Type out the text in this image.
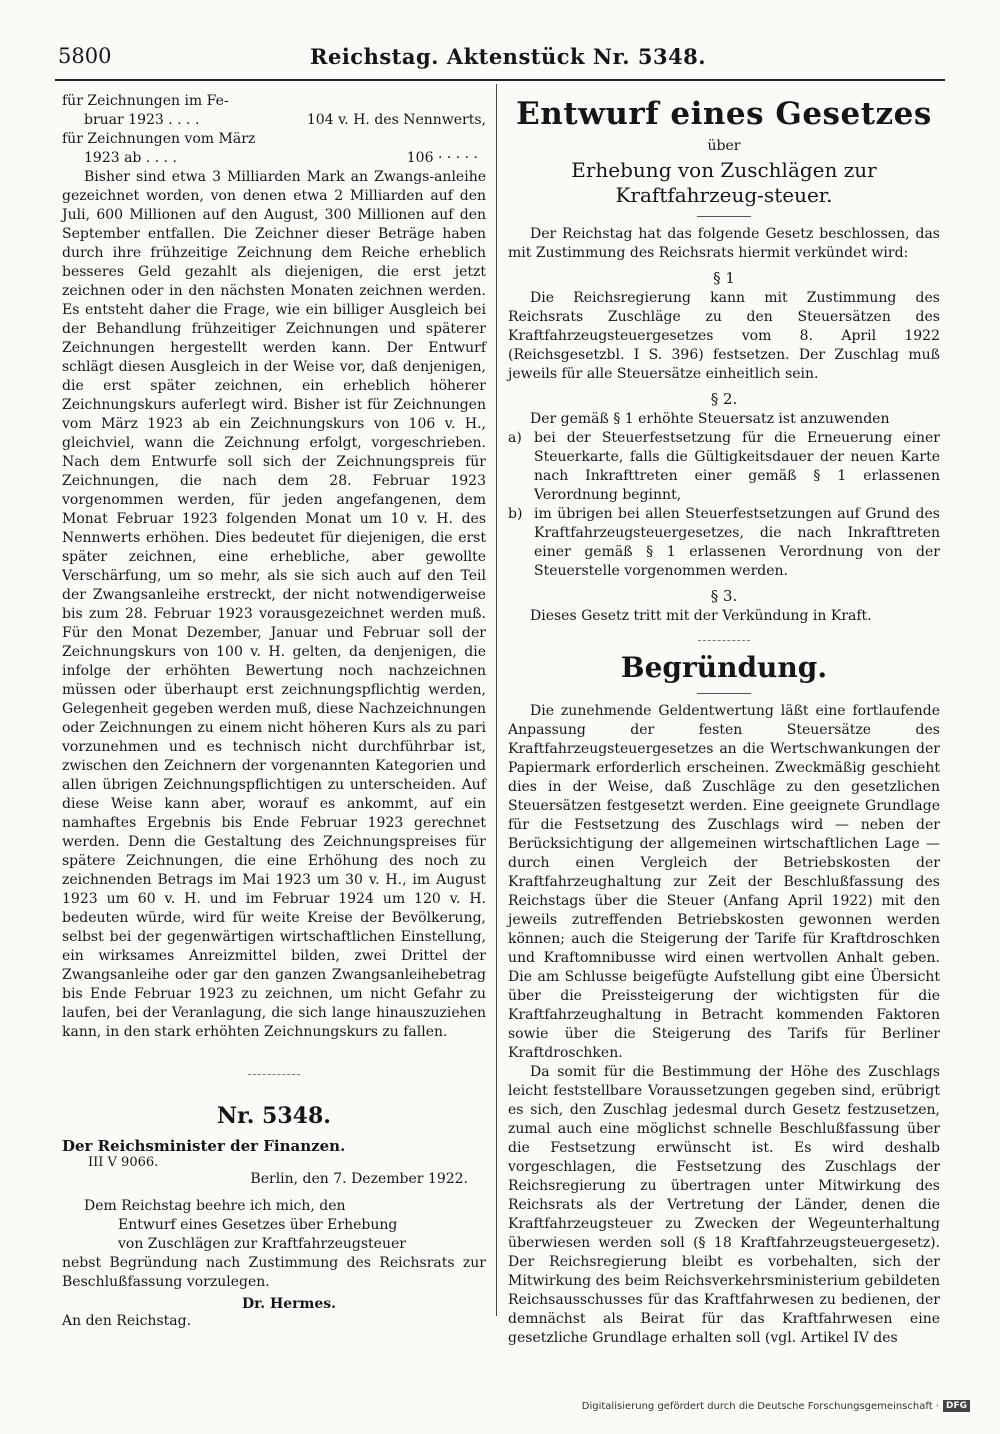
5800	Reichstag. Aktenstück Nr. 5348.
für Zeichnungen im Fe-
bruar 1923 . . . .	104 v. H. des Nennwerts,
für Zeichnungen vom März
1923 ab . . . .	106 · · · · ·

Bisher sind etwa 3 Milliarden Mark an Zwangs-anleihe gezeichnet worden, von denen etwa 2 Milliarden auf den Juli, 600 Millionen auf den August, 300 Millionen auf den September entfallen. Die Zeichner dieser Beträge haben durch ihre frühzeitige Zeichnung dem Reiche erheblich besseres Geld gezahlt als diejenigen, die erst jetzt zeichnen oder in den nächsten Monaten zeichnen werden. Es entsteht daher die Frage, wie ein billiger Ausgleich bei der Behandlung frühzeitiger Zeichnungen und späterer Zeichnungen hergestellt werden kann. Der Entwurf schlägt diesen Ausgleich in der Weise vor, daß denjenigen, die erst später zeichnen, ein erheblich höherer Zeichnungskurs auferlegt wird. Bisher ist für Zeichnungen vom März 1923 ab ein Zeichnungskurs von 106 v. H., gleichviel, wann die Zeichnung erfolgt, vorgeschrieben. Nach dem Entwurfe soll sich der Zeichnungspreis für Zeichnungen, die nach dem 28. Februar 1923 vorgenommen werden, für jeden angefangenen, dem Monat Februar 1923 folgenden Monat um 10 v. H. des Nennwerts erhöhen. Dies bedeutet für diejenigen, die erst später zeichnen, eine erhebliche, aber gewollte Verschärfung, um so mehr, als sie sich auch auf den Teil der Zwangsanleihe erstreckt, der nicht notwendigerweise bis zum 28. Februar 1923 vorausgezeichnet werden muß. Für den Monat Dezember, Januar und Februar soll der Zeichnungskurs von 100 v. H. gelten, da denjenigen, die infolge der erhöhten Bewertung noch nachzeichnen müssen oder überhaupt erst zeichnungspflichtig werden, Gelegenheit gegeben werden muß, diese Nachzeichnungen oder Zeichnungen zu einem nicht höheren Kurs als zu pari vorzunehmen und es technisch nicht durchführbar ist, zwischen den Zeichnern der vorgenannten Kategorien und allen übrigen Zeichnungspflichtigen zu unterscheiden. Auf diese Weise kann aber, worauf es ankommt, auf ein namhaftes Ergebnis bis Ende Februar 1923 gerechnet werden. Denn die Gestaltung des Zeichnungspreises für spätere Zeichnungen, die eine Erhöhung des noch zu zeichnenden Betrags im Mai 1923 um 30 v. H., im August 1923 um 60 v. H. und im Februar 1924 um 120 v. H. bedeuten würde, wird für weite Kreise der Bevölkerung, selbst bei der gegenwärtigen wirtschaftlichen Einstellung, ein wirksames Anreizmittel bilden, zwei Drittel der Zwangsanleihe oder gar den ganzen Zwangsanleihebetrag bis Ende Februar 1923 zu zeichnen, um nicht Gefahr zu laufen, bei der Veranlagung, die sich lange hinauszuziehen kann, in den stark erhöhten Zeichnungskurs zu fallen.

Nr. 5348.
Der Reichsminister der Finanzen.
III V 9066.
Berlin, den 7. Dezember 1922.
Dem Reichstag beehre ich mich, den
Entwurf eines Gesetzes über Erhebung
von Zuschlägen zur Kraftfahrzeugsteuer
nebst Begründung nach Zustimmung des Reichsrats zur Beschlußfassung vorzulegen.
Dr. Hermes.
An den Reichstag.
Entwurf eines Gesetzes
über
Erhebung von Zuschlägen zur Kraftfahrzeug-steuer.

Der Reichstag hat das folgende Gesetz beschlossen, das mit Zustimmung des Reichsrats hiermit verkündet wird:

§ 1

Die Reichsregierung kann mit Zustimmung des Reichsrats Zuschläge zu den Steuersätzen des Kraftfahrzeugsteuergesetzes vom 8. April 1922 (Reichsgesetzbl. I S. 396) festsetzen. Der Zuschlag muß jeweils für alle Steuersätze einheitlich sein.

§ 2.

Der gemäß § 1 erhöhte Steuersatz ist anzuwenden

a) bei der Steuerfestsetzung für die Erneuerung einer Steuerkarte, falls die Gültigkeitsdauer der neuen Karte nach Inkrafttreten einer gemäß § 1 erlassenen Verordnung beginnt,
b) im übrigen bei allen Steuerfestsetzungen auf Grund des Kraftfahrzeugsteuergesetzes, die nach Inkrafttreten einer gemäß § 1 erlassenen Verordnung von der Steuerstelle vorgenommen werden.
§ 3.

Dieses Gesetz tritt mit der Verkündung in Kraft.

Begründung.

Die zunehmende Geldentwertung läßt eine fortlaufende Anpassung der festen Steuersätze des Kraftfahrzeugsteuergesetzes an die Wertschwankungen der Papiermark erforderlich erscheinen. Zweckmäßig geschieht dies in der Weise, daß Zuschläge zu den gesetzlichen Steuersätzen festgesetzt werden. Eine geeignete Grundlage für die Festsetzung des Zuschlags wird — neben der Berücksichtigung der allgemeinen wirtschaftlichen Lage — durch einen Vergleich der Betriebskosten der Kraftfahrzeughaltung zur Zeit der Beschlußfassung des Reichstags über die Steuer (Anfang April 1922) mit den jeweils zutreffenden Betriebskosten gewonnen werden können; auch die Steigerung der Tarife für Kraftdroschken und Kraftomnibusse wird einen wertvollen Anhalt geben. Die am Schlusse beigefügte Aufstellung gibt eine Übersicht über die Preissteigerung der wichtigsten für die Kraftfahrzeughaltung in Betracht kommenden Faktoren sowie über die Steigerung des Tarifs für Berliner Kraftdroschken.

Da somit für die Bestimmung der Höhe des Zuschlags leicht feststellbare Voraussetzungen gegeben sind, erübrigt es sich, den Zuschlag jedesmal durch Gesetz festzusetzen, zumal auch eine möglichst schnelle Beschlußfassung über die Festsetzung erwünscht ist. Es wird deshalb vorgeschlagen, die Festsetzung des Zuschlags der Reichsregierung zu übertragen unter Mitwirkung des Reichsrats als der Vertretung der Länder, denen die Kraftfahrzeugsteuer zu Zwecken der Wegeunterhaltung überwiesen werden soll (§ 18 Kraftfahrzeugsteuergesetz). Der Reichsregierung bleibt es vorbehalten, sich der Mitwirkung des beim Reichsverkehrsministerium gebildeten Reichsausschusses für das Kraftfahrwesen zu bedienen, der demnächst als Beirat für das Kraftfahrwesen eine gesetzliche Grundlage erhalten soll (vgl. Artikel IV des

Digitalisierung gefördert durch die Deutsche Forschungsgemeinschaft · DFG
